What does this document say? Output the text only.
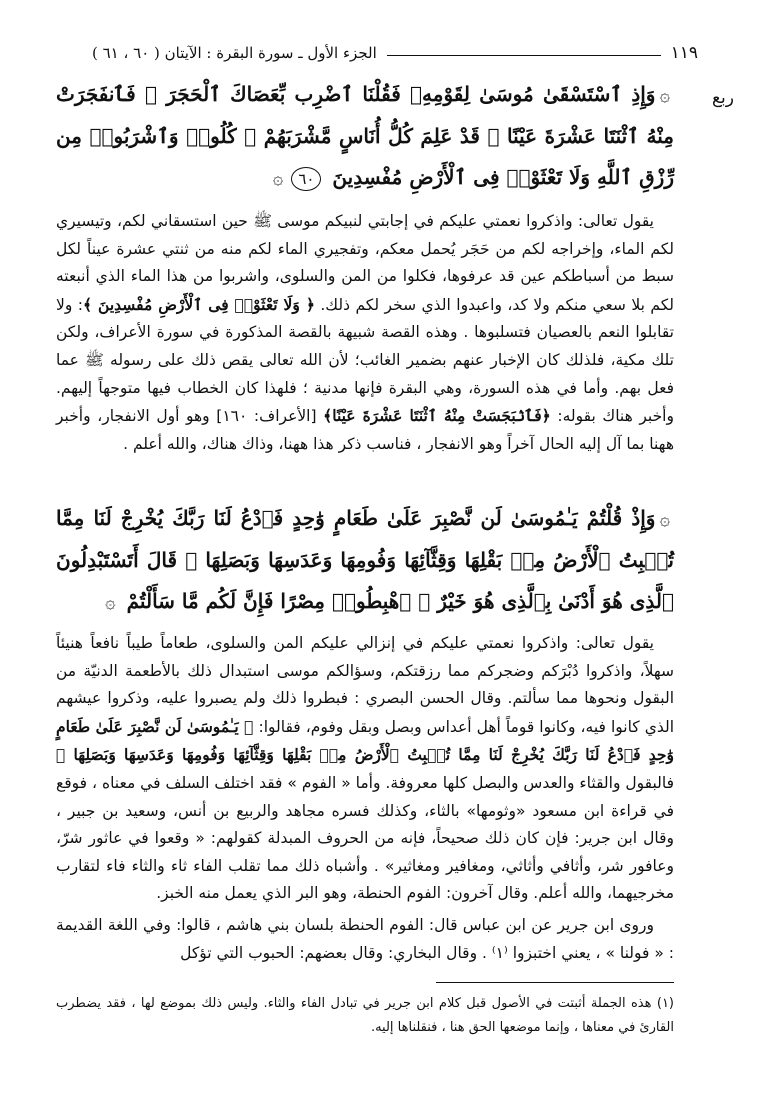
١١٩
الجزء الأول ـ سورة البقرة : الآيتان ( ٦٠ ، ٦١ )
ربع
۞وَإِذِ ٱسْتَسْقَىٰ مُوسَىٰ لِقَوْمِهِۦ فَقُلْنَا ٱضْرِب بِّعَصَاكَ ٱلْحَجَرَ ۖ فَٱنفَجَرَتْ مِنْهُ ٱثْنَتَا عَشْرَةَ عَيْنًا ۖ قَدْ عَلِمَ كُلُّ أُنَاسٍ مَّشْرَبَهُمْ ۖ كُلُوا۟ وَٱشْرَبُوا۟ مِن رِّزْقِ ٱللَّهِ وَلَا تَعْثَوْا۟ فِى ٱلْأَرْضِ مُفْسِدِينَ ٦٠۞

يقول تعالى: واذكروا نعمتي عليكم في إجابتي لنبيكم موسى ﷺ حين استسقاني لكم، وتيسيري لكم الماء، وإخراجه لكم من حَجَر يُحمل معكم، وتفجيري الماء لكم منه من ثنتي عشرة عيناً لكل سبط من أسباطكم عين قد عرفوها، فكلوا من المن والسلوى، واشربوا من هذا الماء الذي أنبعته لكم بلا سعي منكم ولا كد، واعبدوا الذي سخر لكم ذلك. ﴿ وَلَا تَعْثَوْا۟ فِى ٱلْأَرْضِ مُفْسِدِينَ ﴾: ولا تقابلوا النعم بالعصيان فتسلبوها . وهذه القصة شبيهة بالقصة المذكورة في سورة الأعراف، ولكن تلك مكية، فلذلك كان الإخبار عنهم بضمير الغائب؛ لأن الله تعالى يقص ذلك على رسوله ﷺ عما فعل بهم. وأما في هذه السورة، وهي البقرة فإنها مدنية ؛ فلهذا كان الخطاب فيها متوجهاً إليهم. وأخبر هناك بقوله: ﴿فَٱنۢبَجَسَتْ مِنْهُ ٱثْنَتَا عَشْرَةَ عَيْنًا﴾ [الأعراف: ١٦٠] وهو أول الانفجار، وأخبر ههنا بما آل إليه الحال آخراً وهو الانفجار ، فناسب ذكر هذا ههنا، وذاك هناك، والله أعلم .

۞وَإِذْ قُلْتُمْ يَـٰمُوسَىٰ لَن نَّصْبِرَ عَلَىٰ طَعَامٍ وَٰحِدٍ فَٱدْعُ لَنَا رَبَّكَ يُخْرِجْ لَنَا مِمَّا تُنۢبِتُ ٱلْأَرْضُ مِنۢ بَقْلِهَا وَقِثَّآئِهَا وَفُومِهَا وَعَدَسِهَا وَبَصَلِهَا ۖ قَالَ أَتَسْتَبْدِلُونَ ٱلَّذِى هُوَ أَدْنَىٰ بِٱلَّذِى هُوَ خَيْرٌ ۚ ٱهْبِطُوا۟ مِصْرًا فَإِنَّ لَكُم مَّا سَأَلْتُمْ ۞

يقول تعالى: واذكروا نعمتي عليكم في إنزالي عليكم المن والسلوى، طعاماً طيباً نافعاً هنيئاً سهلاً، واذكروا دُبْرَكم وضجركم مما رزقتكم، وسؤالكم موسى استبدال ذلك بالأطعمة الدنيّة من البقول ونحوها مما سألتم. وقال الحسن البصري : فبطروا ذلك ولم يصبروا عليه، وذكروا عيشهم الذي كانوا فيه، وكانوا قوماً أهل أعداس وبصل وبقل وفوم، فقالوا: ﴿ يَـٰمُوسَىٰ لَن نَّصْبِرَ عَلَىٰ طَعَامٍ وَٰحِدٍ فَٱدْعُ لَنَا رَبَّكَ يُخْرِجْ لَنَا مِمَّا تُنۢبِتُ ٱلْأَرْضُ مِنۢ بَقْلِهَا وَقِثَّآئِهَا وَفُومِهَا وَعَدَسِهَا وَبَصَلِهَا ﴾ فالبقول والقثاء والعدس والبصل كلها معروفة. وأما « الفوم » فقد اختلف السلف في معناه ، فوقع في قراءة ابن مسعود «وثومها» بالثاء، وكذلك فسره مجاهد والربيع بن أنس، وسعيد بن جبير ، وقال ابن جرير: فإن كان ذلك صحيحاً، فإنه من الحروف المبدلة كقولهم: « وقعوا في عاثور شرّ، وعافور شر، وأثافي وأثاثي، ومغافير ومغاثير» . وأشباه ذلك مما تقلب الفاء ثاء والثاء فاء لتقارب مخرجيهما، والله أعلم. وقال آخرون: الفوم الحنطة، وهو البر الذي يعمل منه الخبز.

وروى ابن جرير عن ابن عباس قال: الفوم الحنطة بلسان بني هاشم ، قالوا: وفي اللغة القديمة : « فولنا » ، يعني اختبزوا ⁽١⁾ . وقال البخاري: وقال بعضهم: الحبوب التي تؤكل

(١) هذه الجملة أثبتت في الأصول قبل كلام ابن جرير في تبادل الفاء والثاء. وليس ذلك بموضع لها ، فقد يضطرب القارئ في معناها ، وإنما موضعها الحق هنا ، فنقلناها إليه.
